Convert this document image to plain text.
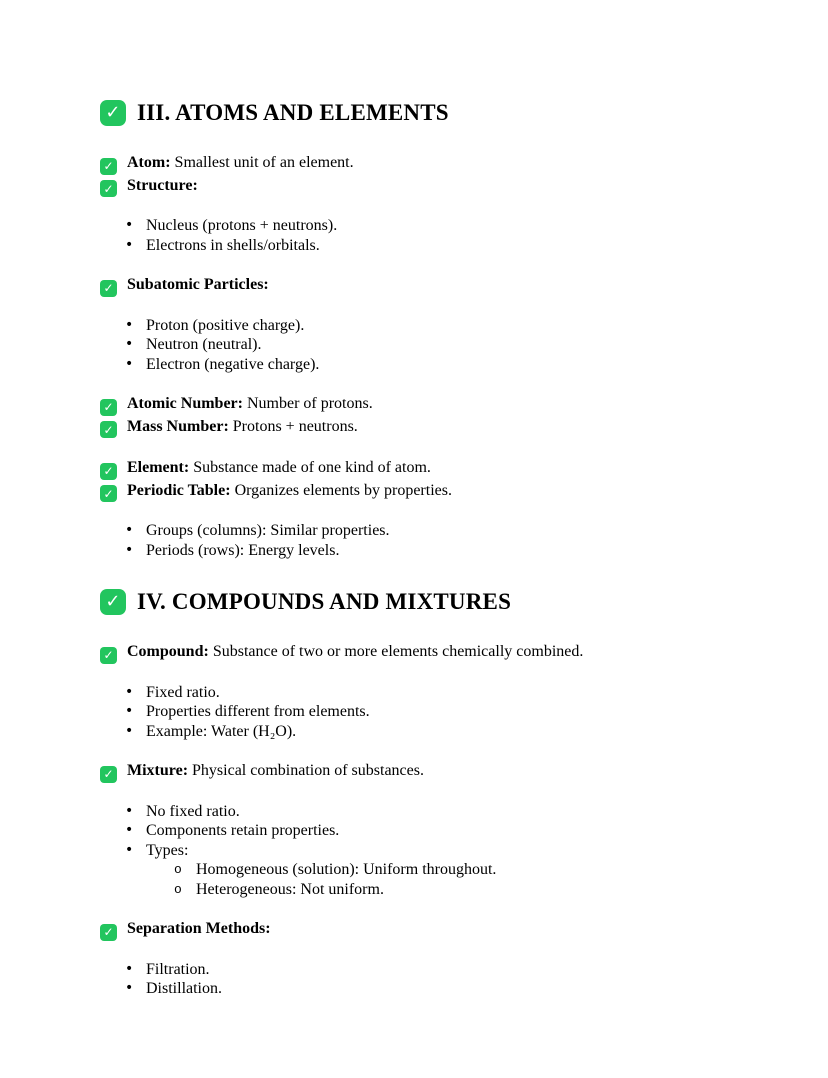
✓ III. ATOMS AND ELEMENTS
✓ Atom: Smallest unit of an element.
✓ Structure:
• Nucleus (protons + neutrons).
• Electrons in shells/orbitals.
✓ Subatomic Particles:
• Proton (positive charge).
• Neutron (neutral).
• Electron (negative charge).
✓ Atomic Number: Number of protons.
✓ Mass Number: Protons + neutrons.
✓ Element: Substance made of one kind of atom.
✓ Periodic Table: Organizes elements by properties.
• Groups (columns): Similar properties.
• Periods (rows): Energy levels.
✓ IV. COMPOUNDS AND MIXTURES
✓ Compound: Substance of two or more elements chemically combined.
• Fixed ratio.
• Properties different from elements.
• Example: Water (H₂O).
✓ Mixture: Physical combination of substances.
• No fixed ratio.
• Components retain properties.
• Types:
o Homogeneous (solution): Uniform throughout.
o Heterogeneous: Not uniform.
✓ Separation Methods:
• Filtration.
• Distillation.
